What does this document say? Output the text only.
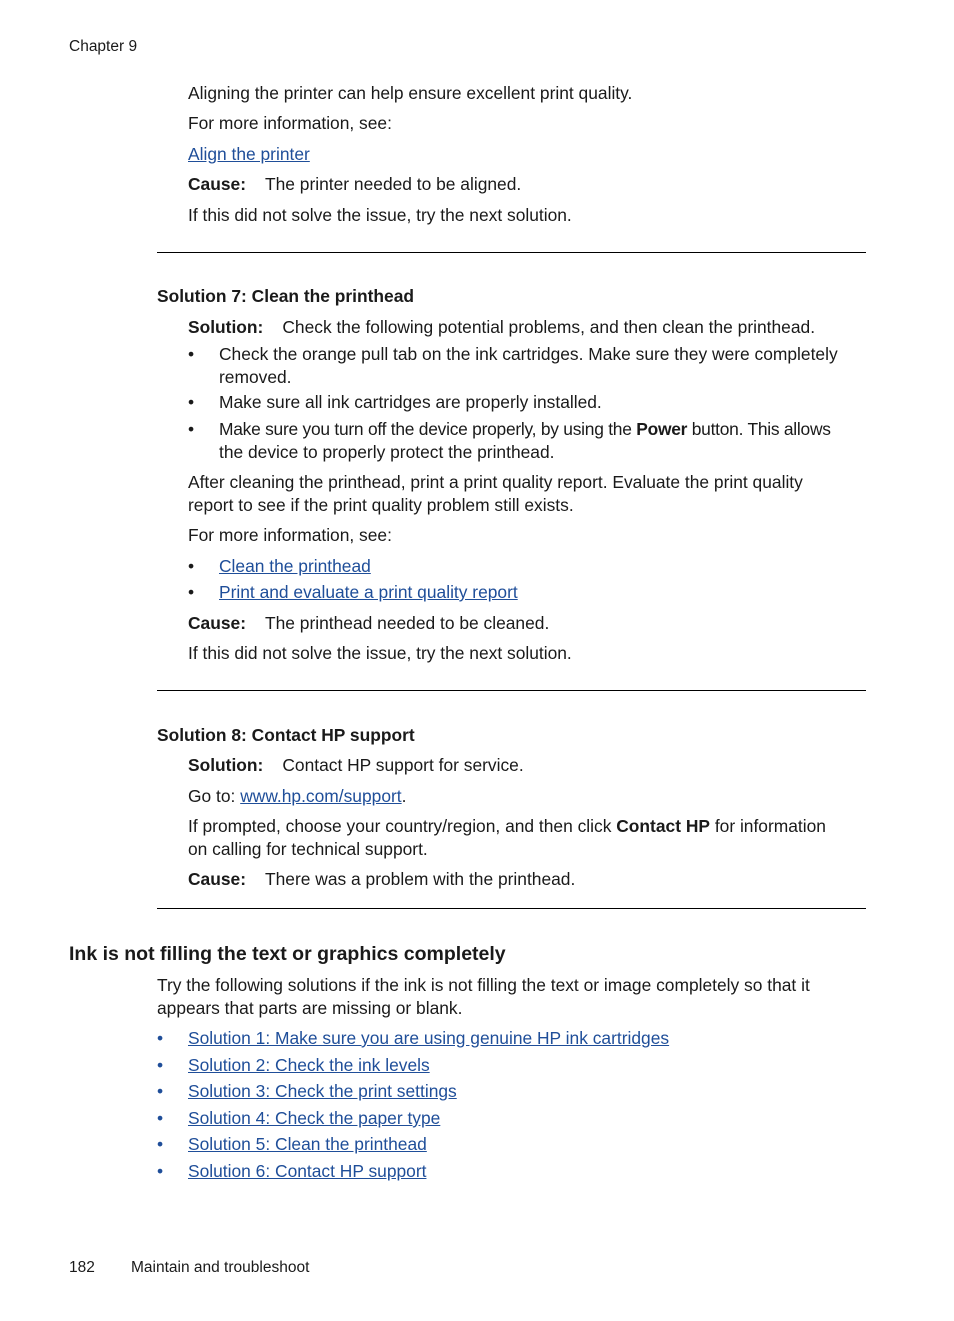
Chapter 9
Aligning the printer can help ensure excellent print quality.
For more information, see:
Align the printer
Cause: The printer needed to be aligned.
If this did not solve the issue, try the next solution.
Solution 7: Clean the printhead
Solution: Check the following potential problems, and then clean the printhead.
• Check the orange pull tab on the ink cartridges. Make sure they were completely
removed.
• Make sure all ink cartridges are properly installed.
• Make sure you turn off the device properly, by using the Power button. This allows
the device to properly protect the printhead.
After cleaning the printhead, print a print quality report. Evaluate the print quality
report to see if the print quality problem still exists.
For more information, see:
• Clean the printhead
• Print and evaluate a print quality report
Cause: The printhead needed to be cleaned.
If this did not solve the issue, try the next solution.
Solution 8: Contact HP support
Solution: Contact HP support for service.
Go to: www.hp.com/support.
If prompted, choose your country/region, and then click Contact HP for information
on calling for technical support.
Cause: There was a problem with the printhead.
Ink is not filling the text or graphics completely
Try the following solutions if the ink is not filling the text or image completely so that it
appears that parts are missing or blank.
• Solution 1: Make sure you are using genuine HP ink cartridges
• Solution 2: Check the ink levels
• Solution 3: Check the print settings
• Solution 4: Check the paper type
• Solution 5: Clean the printhead
• Solution 6: Contact HP support
182 Maintain and troubleshoot
